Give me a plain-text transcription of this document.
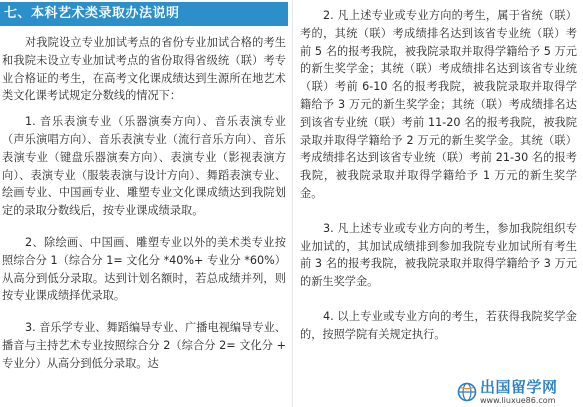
七、本科艺术类录取办法说明

对我院设立专业加试考点的省份专业加试合格的考生和我院未设立专业加试考点的省份取得省级统（联）考专业合格证的考生，在高考文化课成绩达到生源所在地艺术类文化课考试规定分数线的情况下：

1. 音乐表演专业（乐器演奏方向）、音乐表演专业（声乐演唱方向）、音乐表演专业（流行音乐方向）、音乐表演专业（键盘乐器演奏方向）、表演专业（影视表演方向）、表演专业（服装表演与设计方向）、舞蹈表演专业、绘画专业、中国画专业、雕塑专业文化课成绩达到我院划定的录取分数线后，按专业课成绩录取。

2、除绘画、中国画、雕塑专业以外的美术类专业按照综合分 1（综合分 1= 文化分 *40%+ 专业分 *60%）从高分到低分录取。达到计划名额时，若总成绩并列，则按专业课成绩择优录取。

3. 音乐学专业、舞蹈编导专业、广播电视编导专业、播音与主持艺术专业按照综合分 2（综合分 2= 文化分 + 专业分）从高分到低分录取。达

2. 凡上述专业或专业方向的考生，属于省统（联）考的，其统（联）考成绩排名达到该省专业统（联）考前 5 名的报考我院，被我院录取并取得学籍给予 5 万元的新生奖学金；其统（联）考成绩排名达到该省专业统（联）考前 6-10 名的报考我院，被我院录取并取得学籍给予 3 万元的新生奖学金；其统（联）考成绩排名达到该省专业统（联）考前 11-20 名的报考我院，被我院录取并取得学籍给予 2 万元的新生奖学金。其统（联）考成绩排名达到该省专业统（联）考前 21-30 名的报考我院，被我院录取并取得学籍给予 1 万元的新生奖学金。

3. 凡上述专业或专业方向的考生，参加我院组织专业加试的，其加试成绩排到参加我院专业加试所有考生前 3 名的报考我院，被我院录取并取得学籍给予 3 万元的新生奖学金。

4. 以上专业或专业方向的考生，若获得我院奖学金的，按照学院有关规定执行。

出国留学网
www.liuxue86.com
